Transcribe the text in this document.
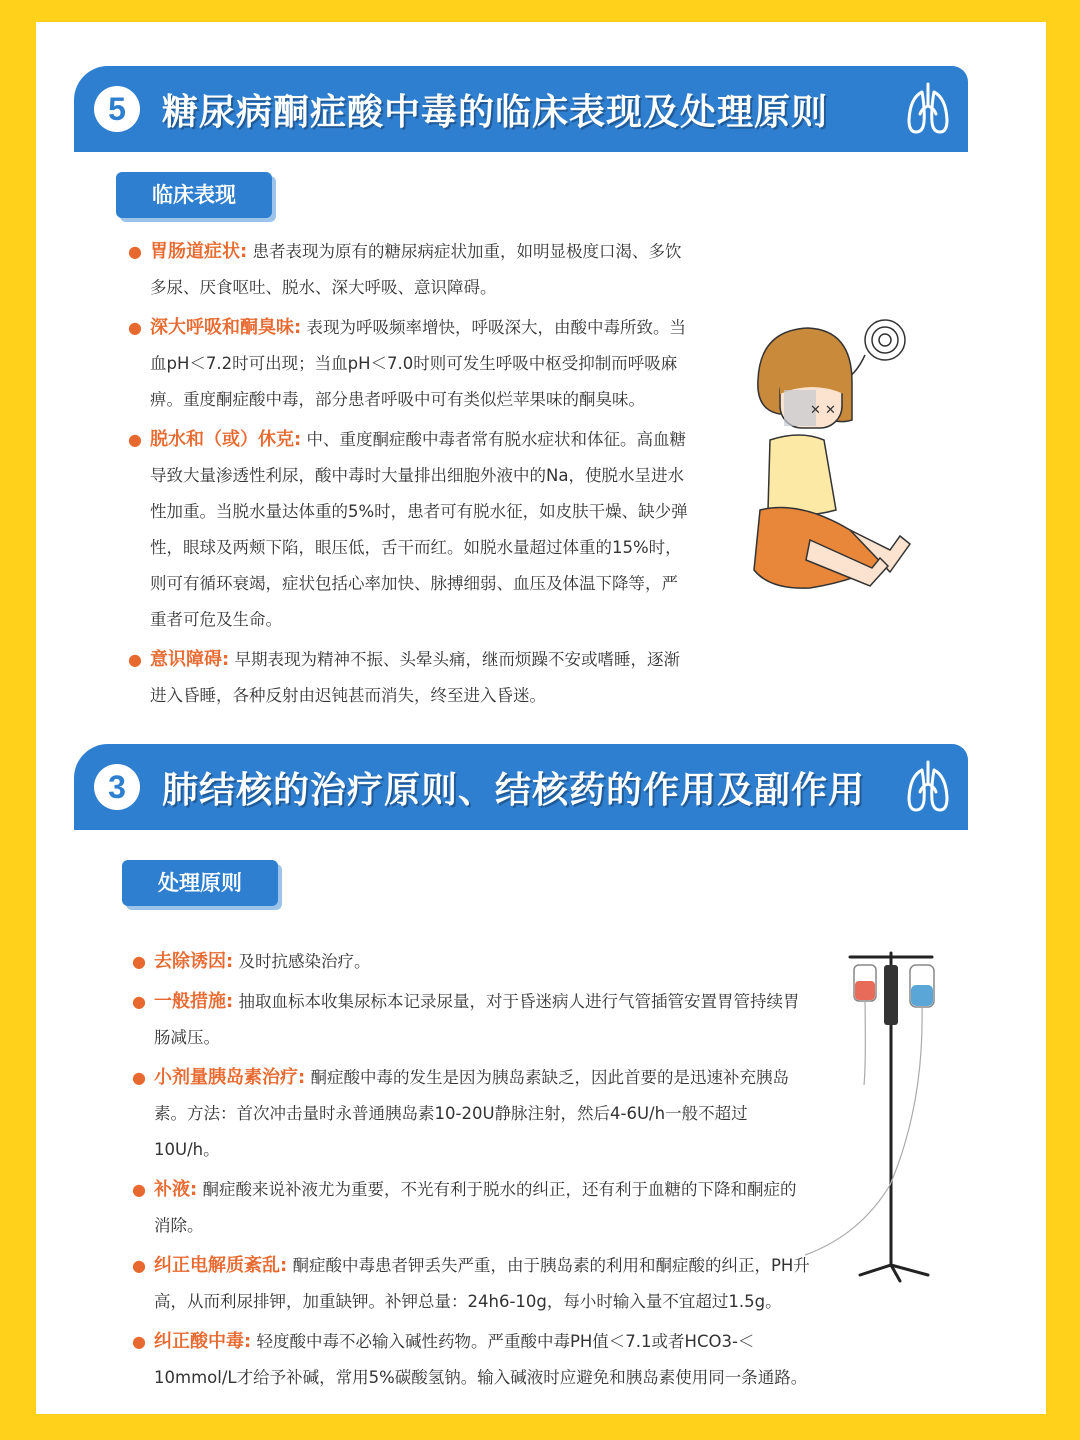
5	糖尿病酮症酸中毒的临床表现及处理原则
临床表现
● 胃肠道症状: 患者表现为原有的糖尿病症状加重，如明显极度口渴、多饮多尿、厌食呕吐、脱水、深大呼吸、意识障碍。
● 深大呼吸和酮臭味: 表现为呼吸频率增快，呼吸深大，由酸中毒所致。当血pH＜7.2时可出现；当血pH＜7.0时则可发生呼吸中枢受抑制而呼吸麻痹。重度酮症酸中毒，部分患者呼吸中可有类似烂苹果味的酮臭味。
● 脱水和（或）休克: 中、重度酮症酸中毒者常有脱水症状和体征。高血糖导致大量渗透性利尿，酸中毒时大量排出细胞外液中的Na，使脱水呈进水性加重。当脱水量达体重的5%时，患者可有脱水征，如皮肤干燥、缺少弹性，眼球及两颊下陷，眼压低，舌干而红。如脱水量超过体重的15%时，则可有循环衰竭，症状包括心率加快、脉搏细弱、血压及体温下降等，严重者可危及生命。
● 意识障碍: 早期表现为精神不振、头晕头痛，继而烦躁不安或嗜睡，逐渐进入昏睡，各种反射由迟钝甚而消失，终至进入昏迷。
✕ ✕
3	肺结核的治疗原则、结核药的作用及副作用
处理原则
● 去除诱因: 及时抗感染治疗。
● 一般措施: 抽取血标本收集尿标本记录尿量，对于昏迷病人进行气管插管安置胃管持续胃肠减压。
● 小剂量胰岛素治疗: 酮症酸中毒的发生是因为胰岛素缺乏，因此首要的是迅速补充胰岛素。方法：首次冲击量时永普通胰岛素10-20U静脉注射，然后4-6U/h一般不超过10U/h。
● 补液: 酮症酸来说补液尤为重要，不光有利于脱水的纠正，还有利于血糖的下降和酮症的消除。
● 纠正电解质紊乱: 酮症酸中毒患者钾丢失严重，由于胰岛素的利用和酮症酸的纠正，PH升高，从而利尿排钾，加重缺钾。补钾总量：24h6-10g，每小时输入量不宜超过1.5g。
● 纠正酸中毒: 轻度酸中毒不必输入碱性药物。严重酸中毒PH值＜7.1或者HCO3-＜10mmol/L才给予补碱，常用5%碳酸氢钠。输入碱液时应避免和胰岛素使用同一条通路。
